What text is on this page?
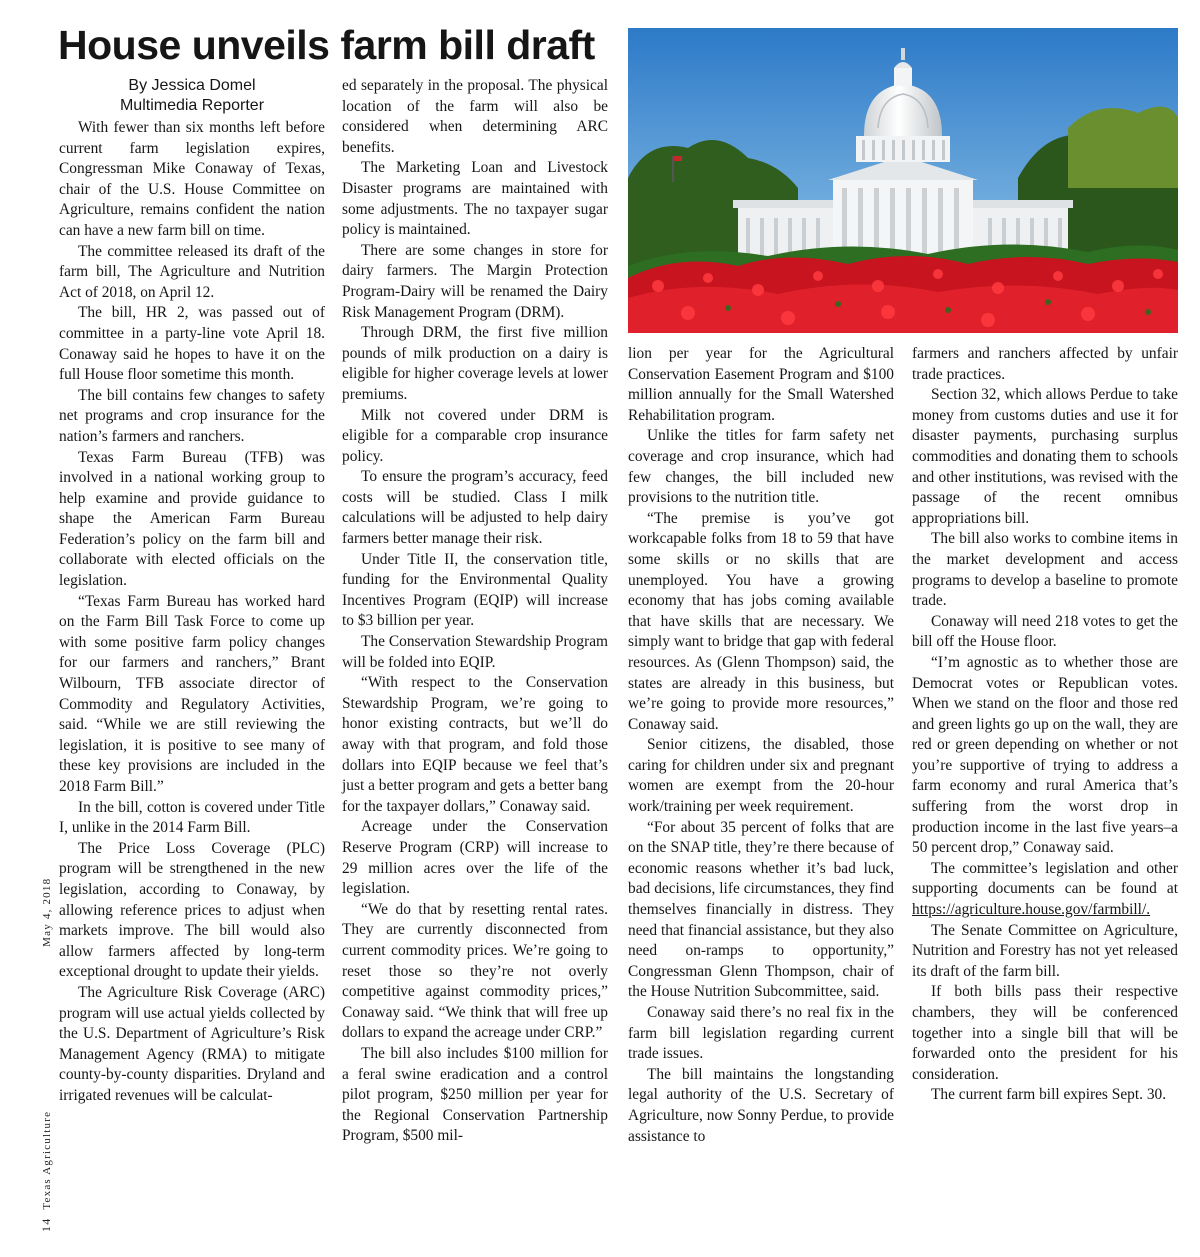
House unveils farm bill draft
By Jessica Domel
Multimedia Reporter

With fewer than six months left before current farm legislation expires, Congressman Mike Conaway of Texas, chair of the U.S. House Committee on Agriculture, remains confident the nation can have a new farm bill on time.

The committee released its draft of the farm bill, The Agriculture and Nutrition Act of 2018, on April 12.

The bill, HR 2, was passed out of committee in a party-line vote April 18. Conaway said he hopes to have it on the full House floor sometime this month.

The bill contains few changes to safety net programs and crop insurance for the nation’s farmers and ranchers.

Texas Farm Bureau (TFB) was involved in a national working group to help examine and provide guidance to shape the American Farm Bureau Federation’s policy on the farm bill and collaborate with elected officials on the legislation.

“Texas Farm Bureau has worked hard on the Farm Bill Task Force to come up with some positive farm policy changes for our farmers and ranchers,” Brant Wilbourn, TFB associate director of Commodity and Regulatory Activities, said. “While we are still reviewing the legislation, it is positive to see many of these key provisions are included in the 2018 Farm Bill.”

In the bill, cotton is covered under Title I, unlike in the 2014 Farm Bill.

The Price Loss Coverage (PLC) program will be strengthened in the new legislation, according to Conaway, by allowing reference prices to adjust when markets improve. The bill would also allow farmers affected by long-term exceptional drought to update their yields.

The Agriculture Risk Coverage (ARC) program will use actual yields collected by the U.S. Department of Agriculture’s Risk Management Agency (RMA) to mitigate county-by-county disparities. Dryland and irrigated revenues will be calculat-

ed separately in the proposal. The physical location of the farm will also be considered when determining ARC benefits.

The Marketing Loan and Livestock Disaster programs are maintained with some adjustments. The no taxpayer sugar policy is maintained.

There are some changes in store for dairy farmers. The Margin Protection Program-Dairy will be renamed the Dairy Risk Management Program (DRM).

Through DRM, the first five million pounds of milk production on a dairy is eligible for higher coverage levels at lower premiums.

Milk not covered under DRM is eligible for a comparable crop insurance policy.

To ensure the program’s accuracy, feed costs will be studied. Class I milk calculations will be adjusted to help dairy farmers better manage their risk.

Under Title II, the conservation title, funding for the Environmental Quality Incentives Program (EQIP) will increase to $3 billion per year.

The Conservation Stewardship Program will be folded into EQIP.

“With respect to the Conservation Stewardship Program, we’re going to honor existing contracts, but we’ll do away with that program, and fold those dollars into EQIP because we feel that’s just a better program and gets a better bang for the taxpayer dollars,” Conaway said.

Acreage under the Conservation Reserve Program (CRP) will increase to 29 million acres over the life of the legislation.

“We do that by resetting rental rates. They are currently disconnected from current commodity prices. We’re going to reset those so they’re not overly competitive against commodity prices,” Conaway said. “We think that will free up dollars to expand the acreage under CRP.”

The bill also includes $100 million for a feral swine eradication and a control pilot program, $250 million per year for the Regional Conservation Partnership Program, $500 mil-

lion per year for the Agricultural Conservation Easement Program and $100 million annually for the Small Watershed Rehabilitation program.

Unlike the titles for farm safety net coverage and crop insurance, which had few changes, the bill included new provisions to the nutrition title.

“The premise is you’ve got workcapable folks from 18 to 59 that have some skills or no skills that are unemployed. You have a growing economy that has jobs coming available that have skills that are necessary. We simply want to bridge that gap with federal resources. As (Glenn Thompson) said, the states are already in this business, but we’re going to provide more resources,” Conaway said.

Senior citizens, the disabled, those caring for children under six and pregnant women are exempt from the 20-hour work/training per week requirement.

“For about 35 percent of folks that are on the SNAP title, they’re there because of economic reasons whether it’s bad luck, bad decisions, life circumstances, they find themselves financially in distress. They need that financial assistance, but they also need on-ramps to opportunity,” Congressman Glenn Thompson, chair of the House Nutrition Subcommittee, said.

Conaway said there’s no real fix in the farm bill legislation regarding current trade issues.

The bill maintains the longstanding legal authority of the U.S. Secretary of Agriculture, now Sonny Perdue, to provide assistance to

farmers and ranchers affected by unfair trade practices.

Section 32, which allows Perdue to take money from customs duties and use it for disaster payments, purchasing surplus commodities and donating them to schools and other institutions, was revised with the passage of the recent omnibus appropriations bill.

The bill also works to combine items in the market development and access programs to develop a baseline to promote trade.

Conaway will need 218 votes to get the bill off the House floor.

“I’m agnostic as to whether those are Democrat votes or Republican votes. When we stand on the floor and those red and green lights go up on the wall, they are red or green depending on whether or not you’re supportive of trying to address a farm economy and rural America that’s suffering from the worst drop in production income in the last five years–a 50 percent drop,” Conaway said.

The committee’s legislation and other supporting documents can be found at https://agriculture.house.gov/farmbill/.

The Senate Committee on Agriculture, Nutrition and Forestry has not yet released its draft of the farm bill.

If both bills pass their respective chambers, they will be conferenced together into a single bill that will be forwarded onto the president for his consideration.

The current farm bill expires Sept. 30.

14Texas AgricultureMay 4, 2018
